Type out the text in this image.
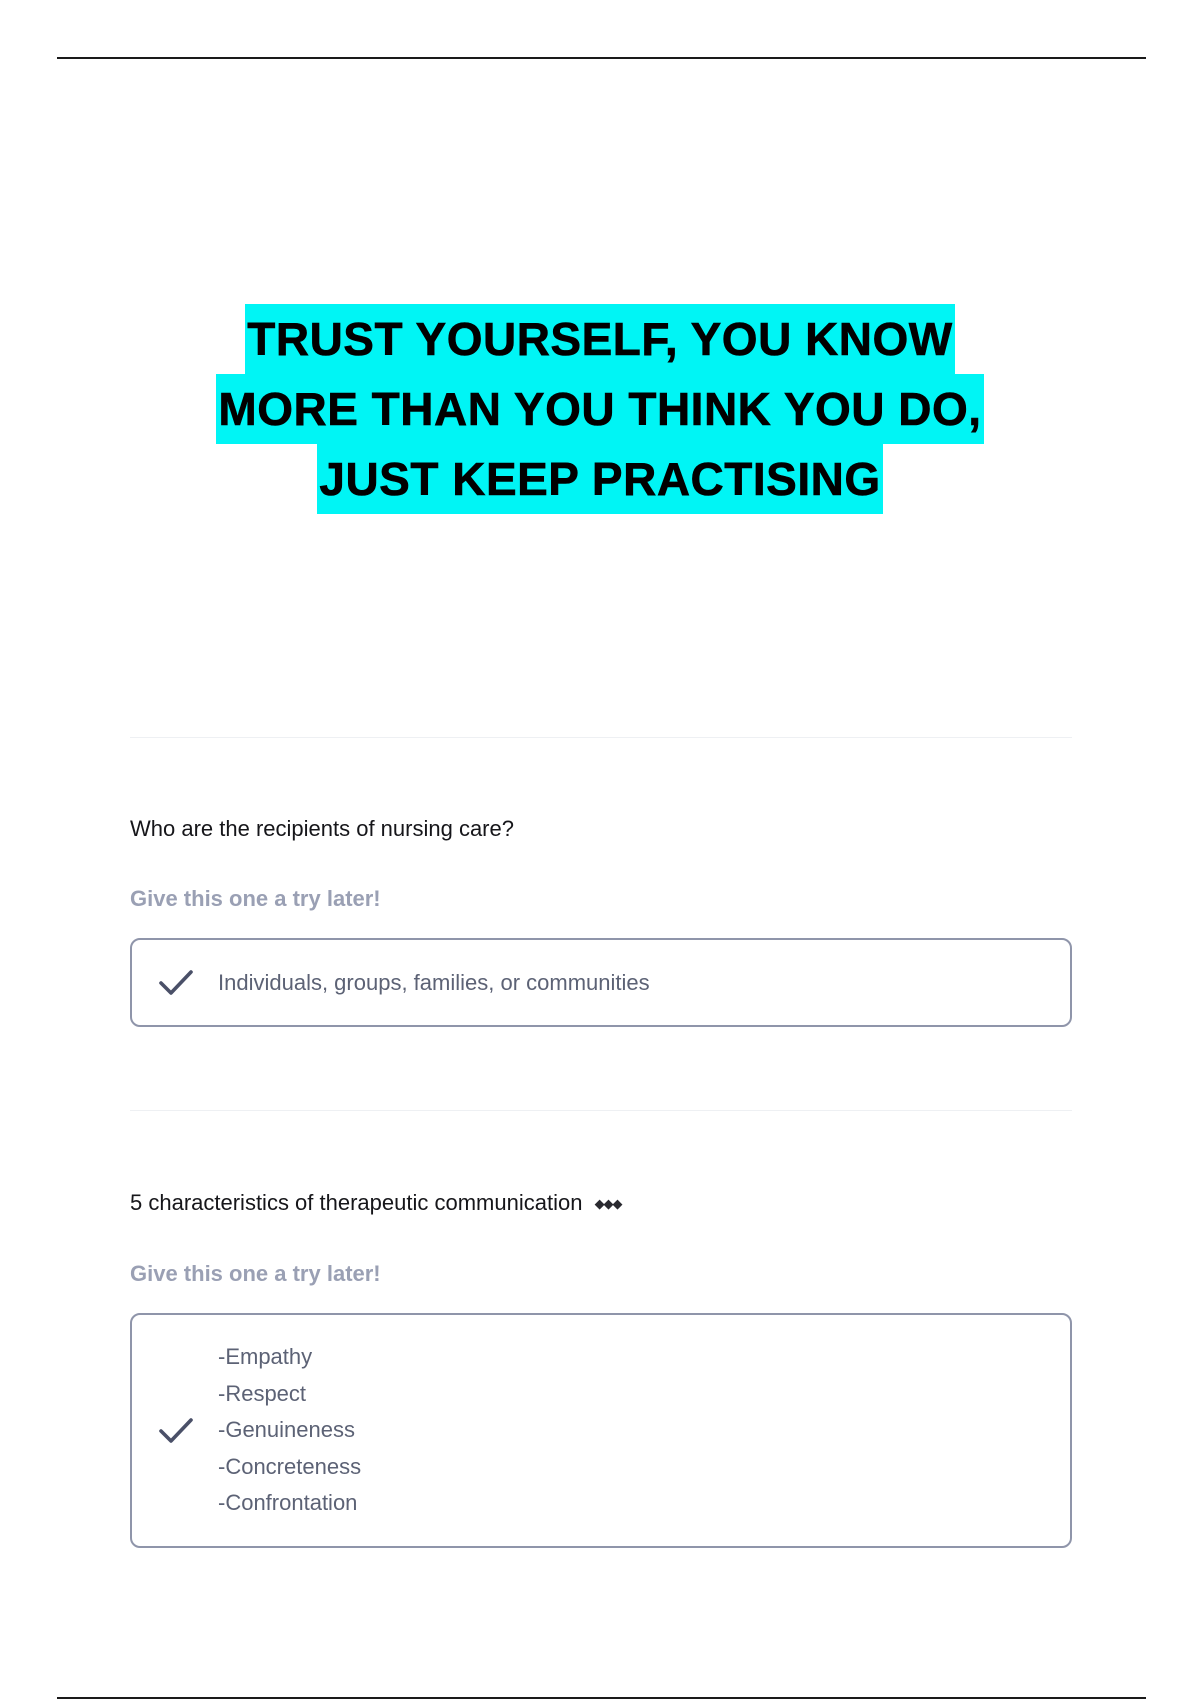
TRUST YOURSELF, YOU KNOW
MORE THAN YOU THINK YOU DO,
JUST KEEP PRACTISING
Who are the recipients of nursing care?
Give this one a try later!
Individuals, groups, families, or communities
5 characteristics of therapeutic communication ◆◆◆
Give this one a try later!
-Empathy
-Respect
-Genuineness
-Concreteness
-Confrontation
